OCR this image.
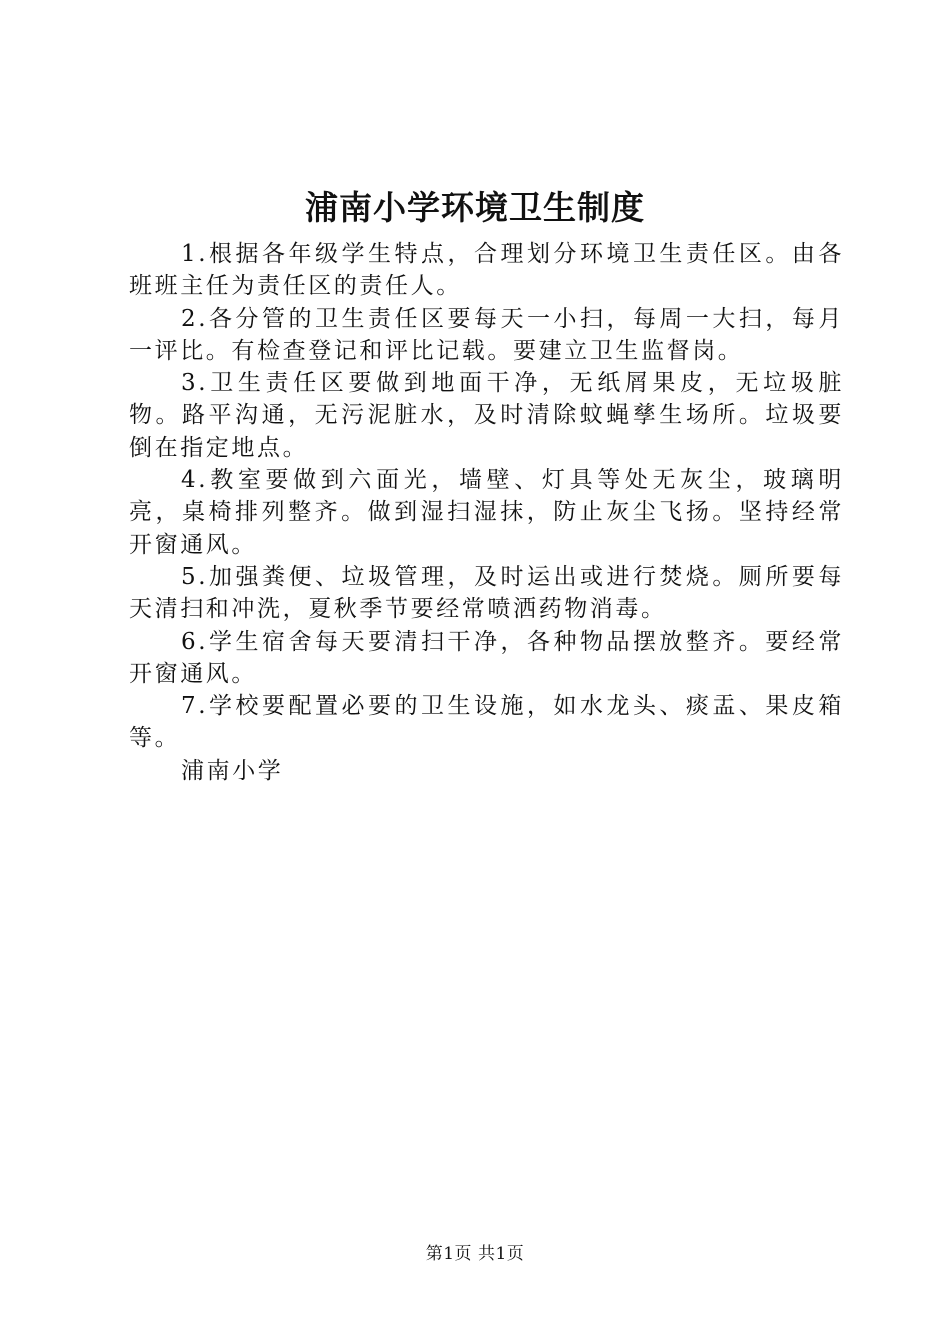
浦南小学环境卫生制度

1.根据各年级学生特点，合理划分环境卫生责任区。由各班班主任为责任区的责任人。

2.各分管的卫生责任区要每天一小扫，每周一大扫，每月一评比。有检查登记和评比记载。要建立卫生监督岗。

3.卫生责任区要做到地面干净，无纸屑果皮，无垃圾脏物。路平沟通，无污泥脏水，及时清除蚊蝇孳生场所。垃圾要倒在指定地点。

4.教室要做到六面光，墙壁、灯具等处无灰尘，玻璃明亮，桌椅排列整齐。做到湿扫湿抹，防止灰尘飞扬。坚持经常开窗通风。

5.加强粪便、垃圾管理，及时运出或进行焚烧。厕所要每天清扫和冲洗，夏秋季节要经常喷洒药物消毒。

6.学生宿舍每天要清扫干净，各种物品摆放整齐。要经常开窗通风。

7.学校要配置必要的卫生设施，如水龙头、痰盂、果皮箱等。

浦南小学

第1页 共1页
